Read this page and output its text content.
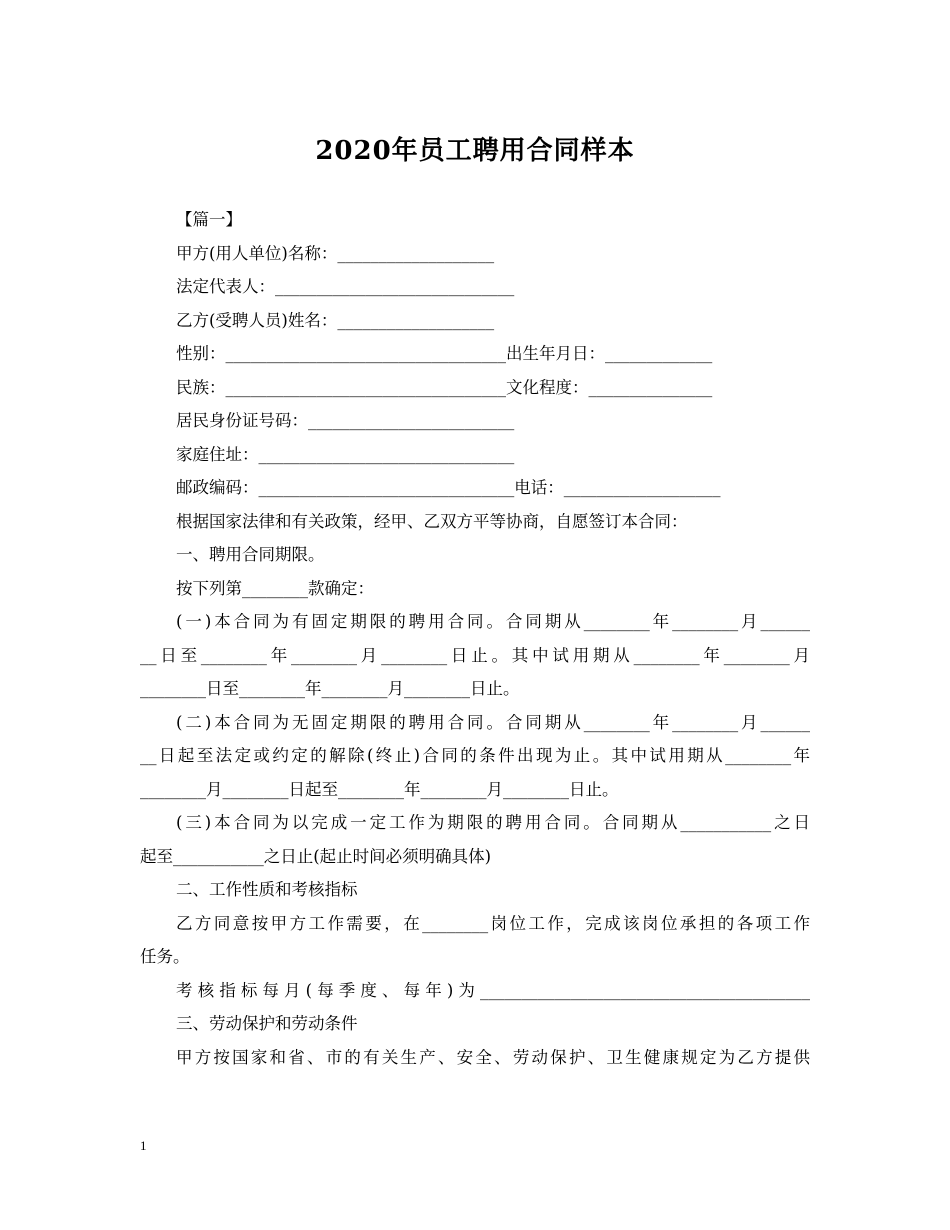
2020年员工聘用合同样本

【篇一】

甲方(用人单位)名称：___________________

法定代表人：_____________________________

乙方(受聘人员)姓名：___________________

性别：__________________________________出生年月日：_____________

民族：__________________________________文化程度：_______________

居民身份证号码：_________________________

家庭住址：_______________________________

邮政编码：_______________________________电话：___________________

根据国家法律和有关政策，经甲、乙双方平等协商，自愿签订本合同：

一、聘用合同期限。

按下列第________款确定：

(一)本合同为有固定期限的聘用合同。合同期从________年________月______

__日至________年________月________日止。其中试用期从________年________月

________日至________年________月________日止。

(二)本合同为无固定期限的聘用合同。合同期从________年________月______

__日起至法定或约定的解除(终止)合同的条件出现为止。其中试用期从________年

________月________日起至________年________月________日止。

(三)本合同为以完成一定工作为期限的聘用合同。合同期从___________之日

起至___________之日止(起止时间必须明确具体)

二、工作性质和考核指标

乙方同意按甲方工作需要，在________岗位工作，完成该岗位承担的各项工作

任务。

考核指标每月(每季度、每年)为________________________________________

三、劳动保护和劳动条件

甲方按国家和省、市的有关生产、安全、劳动保护、卫生健康规定为乙方提供

1
